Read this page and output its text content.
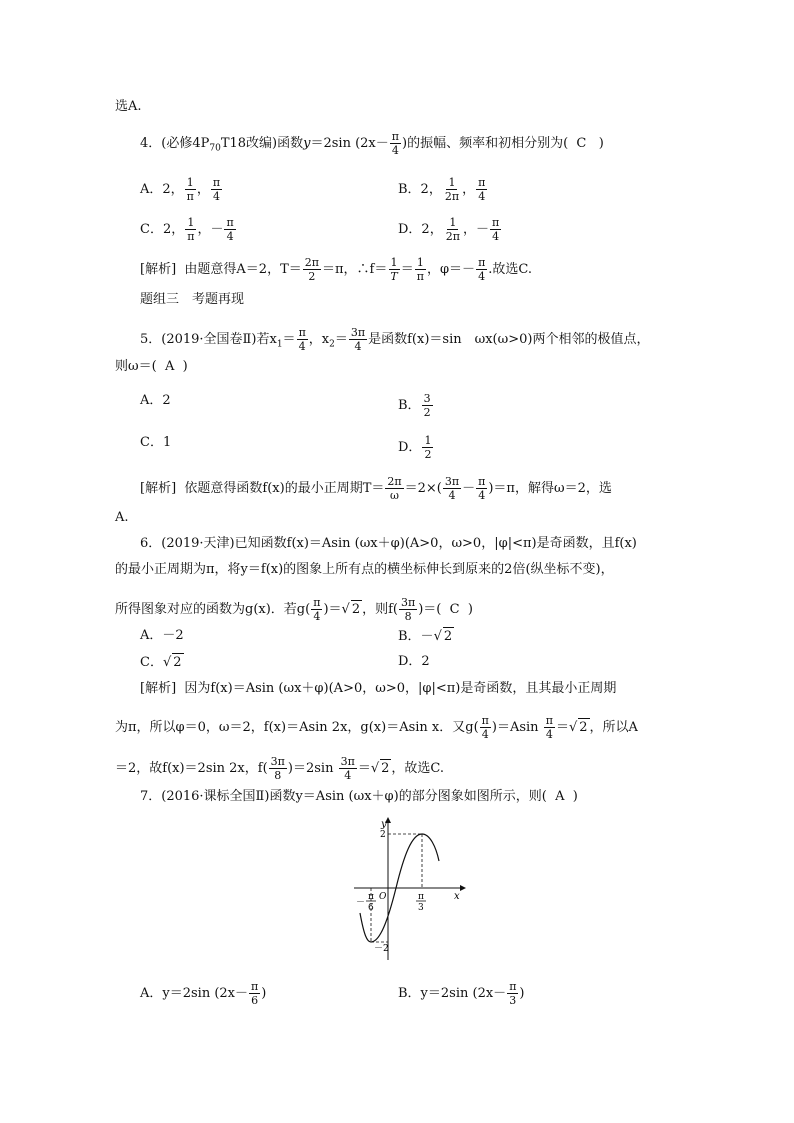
选A.
4．(必修$4P_{70}T18$改编)函数y＝2sin ($2x- \frac{\pi}{4}$ )的振幅、频率和初相分别为( C )
A．2， $\frac{1}{\pi}$ ， $\frac{\pi}{4}$	B．2， $\frac{1}{2\pi}$ ， $\frac{\pi}{4}$
C．2， $\frac{1}{\pi}$ ，－ $\frac{\pi}{4}$	D．2， $\frac{1}{2\pi}$ ，－ $\frac{\pi}{4}$
[解析] 由题意得A＝2，$T= \frac{2\pi}{2} =\pi$，∴f＝ $\frac{1}{T} = \frac{1}{\pi}$ ，$\varphi=- \frac{\pi}{4}$ .故选C.
题组三　考题再现
5．(2019·全国卷Ⅱ)若$x_1= \frac{\pi}{4}$ ，$x_2= \frac{3\pi}{4}$ 是函数f(x)＝sin　ωx(ω>0)两个相邻的极值点，
则ω＝( A )
A．2	B． $\frac{3}{2}$
C．1	D． $\frac{1}{2}$
[解析] 依题意得函数f(x)的最小正周期$T= \frac{2\pi}{\omega} =2\times( \frac{3\pi}{4} - \frac{\pi}{4} )=\pi$，解得ω＝2，选
A.
6．(2019·天津)已知函数f(x)＝Asin (ωx＋φ)(A>0，ω>0，|φ|<π)是奇函数，且f(x)
的最小正周期为π，将y＝f(x)的图象上所有点的横坐标伸长到原来的2倍(纵坐标不变)，
所得图象对应的函数为g(x)．若$g( \frac{\pi}{4}$ )＝√ 2 ，则$f( \frac{3\pi}{8}$ )＝( C )
A．－2	B．－√ 2
C．√ 2	D．2
[解析] 因为f(x)＝Asin (ωx＋φ)(A>0，ω>0，|φ|<π)是奇函数，且其最小正周期
为π，所以φ＝0，ω＝2，f(x)＝Asin 2x，g(x)＝Asin x．又$g( \frac{\pi}{4} )=Asin \frac{\pi}{4}$ ＝√ 2 ，所以A
＝2，故f(x)＝2sin 2x，$f( \frac{3\pi}{8} )=2\sin \frac{3\pi}{4}$ ＝√ 2 ，故选C.
7．(2016·课标全国Ⅱ)函数y＝Asin (ωx＋φ)的部分图象如图所示，则( A )
y
x
O
2
－2
－
π
6
π
3
A．y＝2sin ($2x- \frac{\pi}{6}$ )	B．y＝2sin ($2x- \frac{\pi}{3}$ )
